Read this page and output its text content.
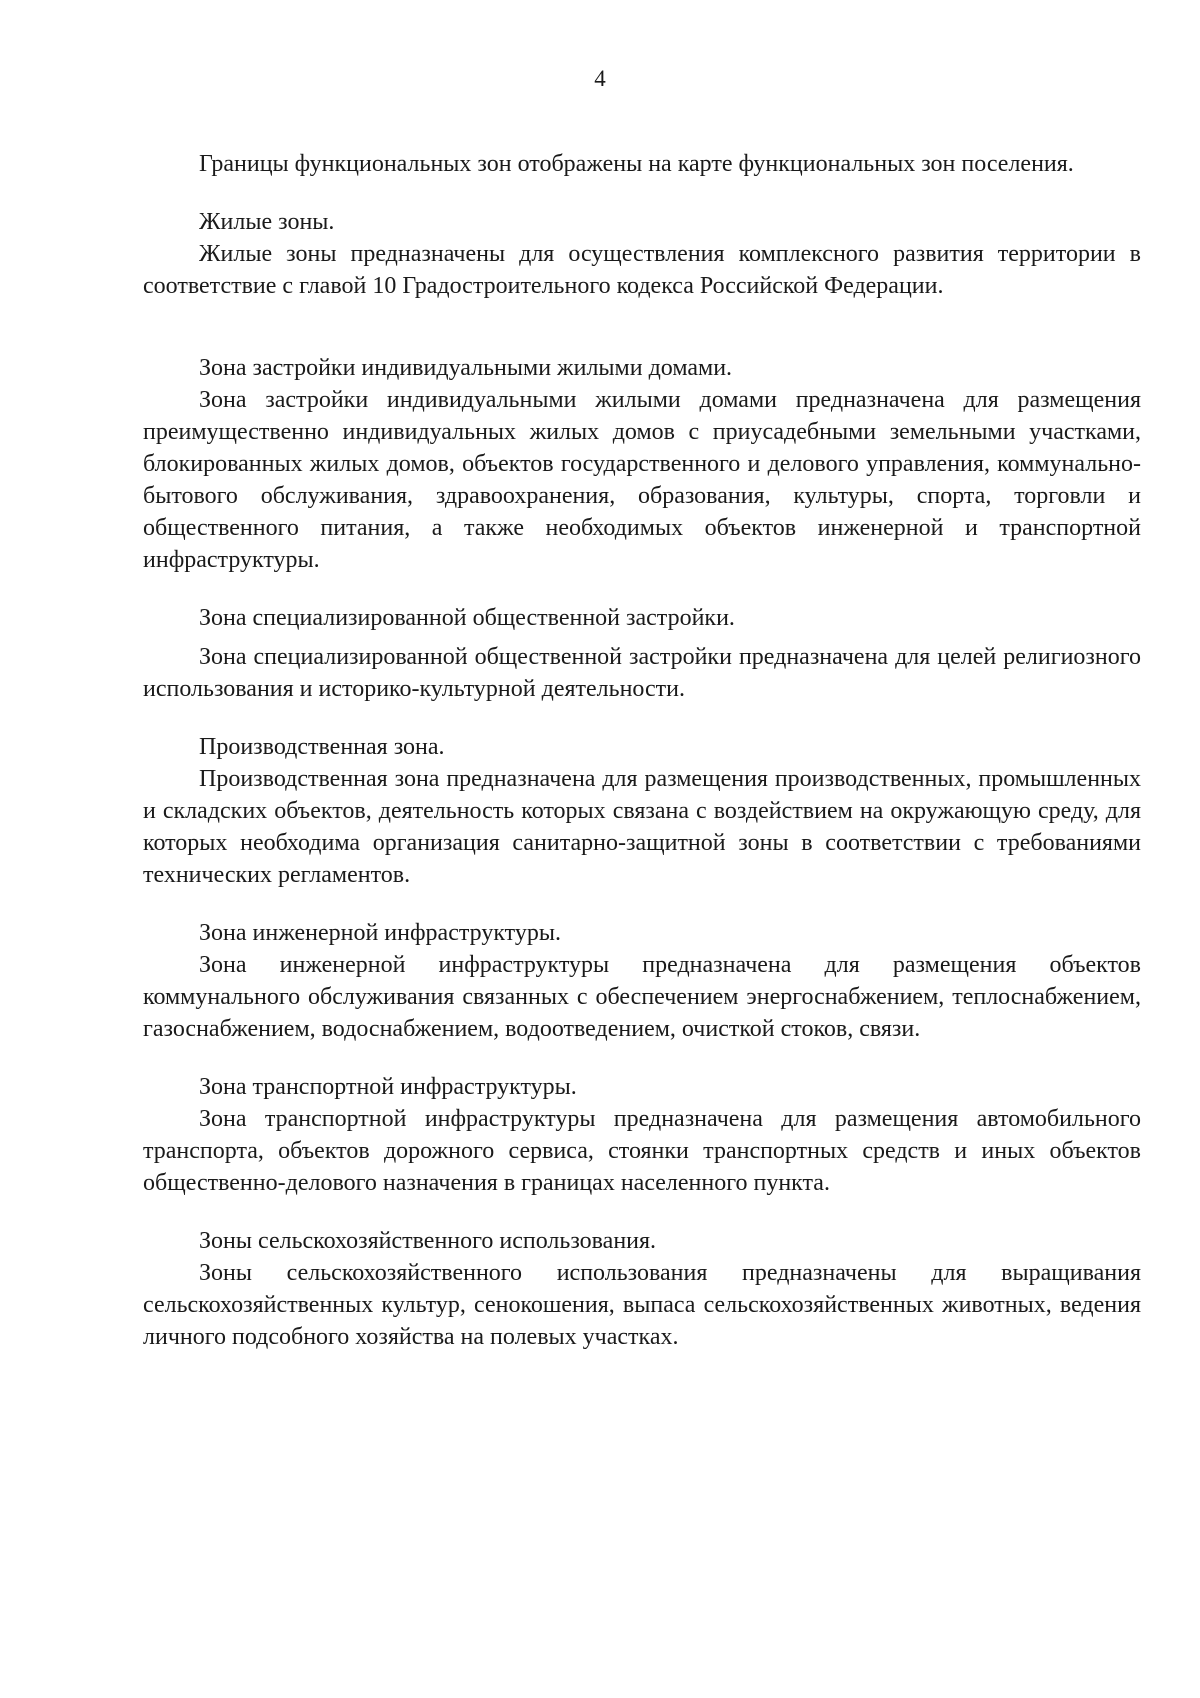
4

Границы функциональных зон отображены на карте функциональных зон поселения.

Жилые зоны.

Жилые зоны предназначены для осуществления комплексного развития территории в соответствие с главой 10 Градостроительного кодекса Российской Федерации.

Зона застройки индивидуальными жилыми домами.

Зона застройки индивидуальными жилыми домами предназначена для размещения преимущественно индивидуальных жилых домов с приусадебными земельными участками, блокированных жилых домов, объектов государственного и делового управления, коммунально-бытового обслуживания, здравоохранения, образования, культуры, спорта, торговли и общественного питания, а также необходимых объектов инженерной и транспортной инфраструктуры.

Зона специализированной общественной застройки.

Зона специализированной общественной застройки предназначена для целей религиозного использования и историко-культурной деятельности.

Производственная зона.

Производственная зона предназначена для размещения производственных, промышленных и складских объектов, деятельность которых связана с воздействием на окружающую среду, для которых необходима организация санитарно-защитной зоны в соответствии с требованиями технических регламентов.

Зона инженерной инфраструктуры.

Зона инженерной инфраструктуры предназначена для размещения объектов коммунального обслуживания связанных с обеспечением энергоснабжением, теплоснабжением, газоснабжением, водоснабжением, водоотведением, очисткой стоков, связи.

Зона транспортной инфраструктуры.

Зона транспортной инфраструктуры предназначена для размещения автомобильного транспорта, объектов дорожного сервиса, стоянки транспортных средств и иных объектов общественно-делового назначения в границах населенного пункта.

Зоны сельскохозяйственного использования.

Зоны сельскохозяйственного использования предназначены для выращивания сельскохозяйственных культур, сенокошения, выпаса сельскохозяйственных животных, ведения личного подсобного хозяйства на полевых участках.
